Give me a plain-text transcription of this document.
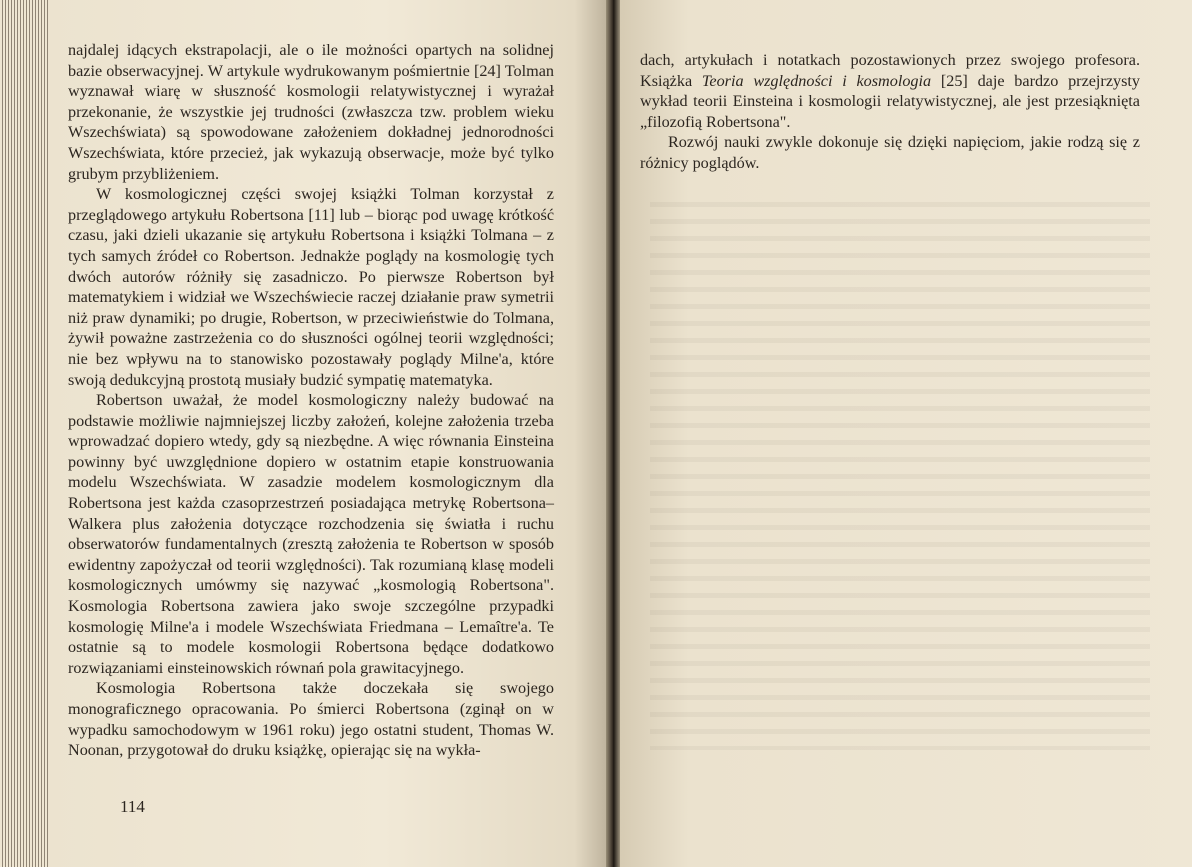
najdalej idących ekstrapolacji, ale o ile możności opartych na solidnej bazie obserwacyjnej. W artykule wydrukowanym pośmiertnie [24] Tolman wyznawał wiarę w słuszność kosmologii relatywistycznej i wyrażał przekonanie, że wszystkie jej trudności (zwłaszcza tzw. problem wieku Wszechświata) są spowodowane założeniem dokładnej jednorodności Wszechświata, które przecież, jak wykazują obserwacje, może być tylko grubym przybliżeniem.

W kosmologicznej części swojej książki Tolman korzystał z przeglądowego artykułu Robertsona [11] lub – biorąc pod uwagę krótkość czasu, jaki dzieli ukazanie się artykułu Robertsona i książki Tolmana – z tych samych źródeł co Robertson. Jednakże poglądy na kosmologię tych dwóch autorów różniły się zasadniczo. Po pierwsze Robertson był matematykiem i widział we Wszechświecie raczej działanie praw symetrii niż praw dynamiki; po drugie, Robertson, w przeciwieństwie do Tolmana, żywił poważne zastrzeżenia co do słuszności ogólnej teorii względności; nie bez wpływu na to stanowisko pozostawały poglądy Milne'a, które swoją dedukcyjną prostotą musiały budzić sympatię matematyka.

Robertson uważał, że model kosmologiczny należy budować na podstawie możliwie najmniejszej liczby założeń, kolejne założenia trzeba wprowadzać dopiero wtedy, gdy są niezbędne. A więc równania Einsteina powinny być uwzględnione dopiero w ostatnim etapie konstruowania modelu Wszechświata. W zasadzie modelem kosmologicznym dla Robertsona jest każda czasoprzestrzeń posiadająca metrykę Robertsona–Walkera plus założenia dotyczące rozchodzenia się światła i ruchu obserwatorów fundamentalnych (zresztą założenia te Robertson w sposób ewidentny zapożyczał od teorii względności). Tak rozumianą klasę modeli kosmologicznych umówmy się nazywać „kosmologią Robertsona". Kosmologia Robertsona zawiera jako swoje szczególne przypadki kosmologię Milne'a i modele Wszechświata Friedmana – Lemaître'a. Te ostatnie są to modele kosmologii Robertsona będące dodatkowo rozwiązaniami einsteinowskich równań pola grawitacyjnego.

Kosmologia Robertsona także doczekała się swojego monograficznego opracowania. Po śmierci Robertsona (zginął on w wypadku samochodowym w 1961 roku) jego ostatni student, Thomas W. Noonan, przygotował do druku książkę, opierając się na wykła-

114

dach, artykułach i notatkach pozostawionych przez swojego profesora. Książka Teoria względności i kosmologia [25] daje bardzo przejrzysty wykład teorii Einsteina i kosmologii relatywistycznej, ale jest przesiąknięta „filozofią Robertsona".

Rozwój nauki zwykle dokonuje się dzięki napięciom, jakie rodzą się z różnicy poglądów.
